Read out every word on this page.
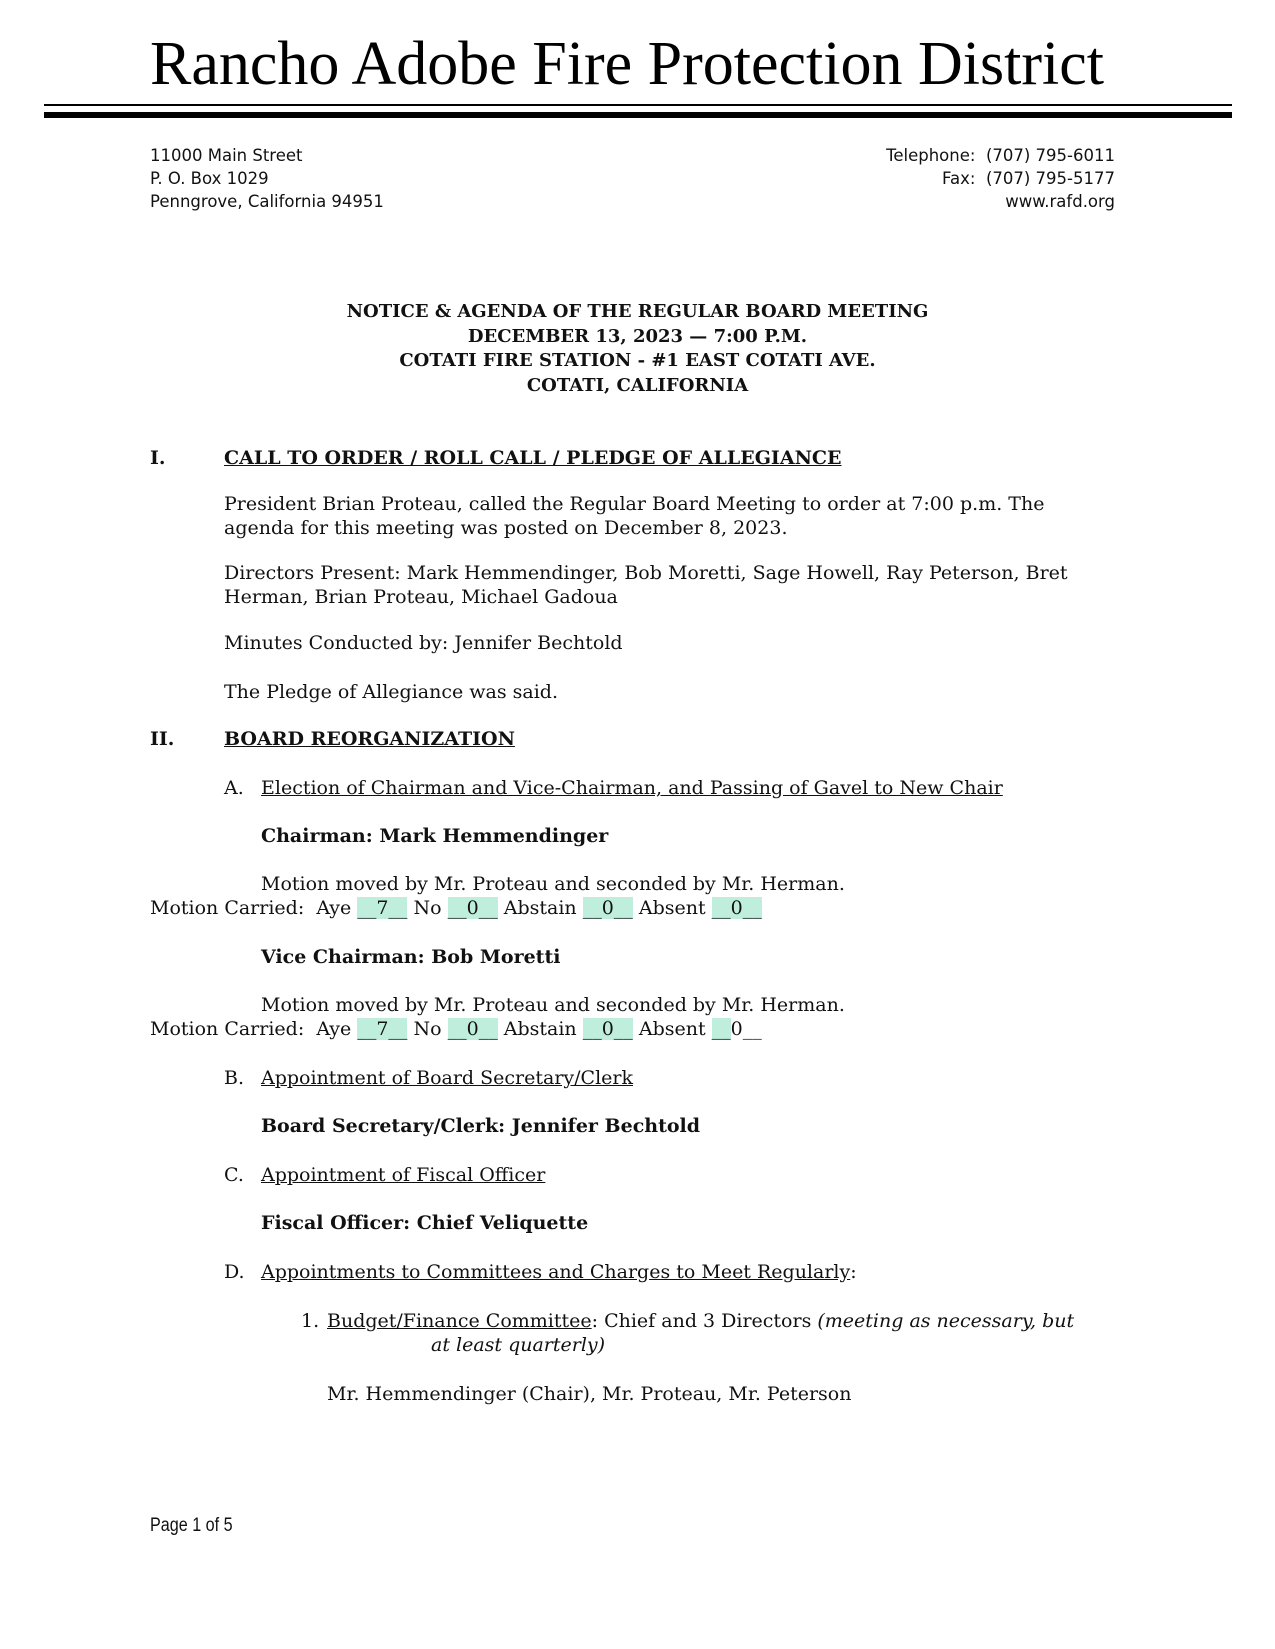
Rancho Adobe Fire Protection District
11000 Main Street
P. O. Box 1029
Penngrove, California 94951
Telephone: (707) 795-6011
Fax: (707) 795-5177
www.rafd.org
NOTICE & AGENDA OF THE REGULAR BOARD MEETING
DECEMBER 13, 2023 — 7:00 P.M.
COTATI FIRE STATION - #1 EAST COTATI AVE.
COTATI, CALIFORNIA
I.	CALL TO ORDER / ROLL CALL / PLEDGE OF ALLEGIANCE
President Brian Proteau, called the Regular Board Meeting to order at 7:00 p.m. The agenda for this meeting was posted on December 8, 2023.
Directors Present: Mark Hemmendinger, Bob Moretti, Sage Howell, Ray Peterson, Bret Herman, Brian Proteau, Michael Gadoua
Minutes Conducted by: Jennifer Bechtold
The Pledge of Allegiance was said.
II.	BOARD REORGANIZATION
A. Election of Chairman and Vice-Chairman, and Passing of Gavel to New Chair
Chairman: Mark Hemmendinger
Motion moved by Mr. Proteau and seconded by Mr. Herman.
Motion Carried: Aye __7__ No __0__ Abstain __0__ Absent __0__
Vice Chairman: Bob Moretti
Motion moved by Mr. Proteau and seconded by Mr. Herman.
Motion Carried: Aye __7__ No __0__ Abstain __0__ Absent __0__
B. Appointment of Board Secretary/Clerk
Board Secretary/Clerk: Jennifer Bechtold
C. Appointment of Fiscal Officer
Fiscal Officer: Chief Veliquette
D. Appointments to Committees and Charges to Meet Regularly:
1. Budget/Finance Committee: Chief and 3 Directors (meeting as necessary, but
at least quarterly)
Mr. Hemmendinger (Chair), Mr. Proteau, Mr. Peterson
Page 1 of 5
